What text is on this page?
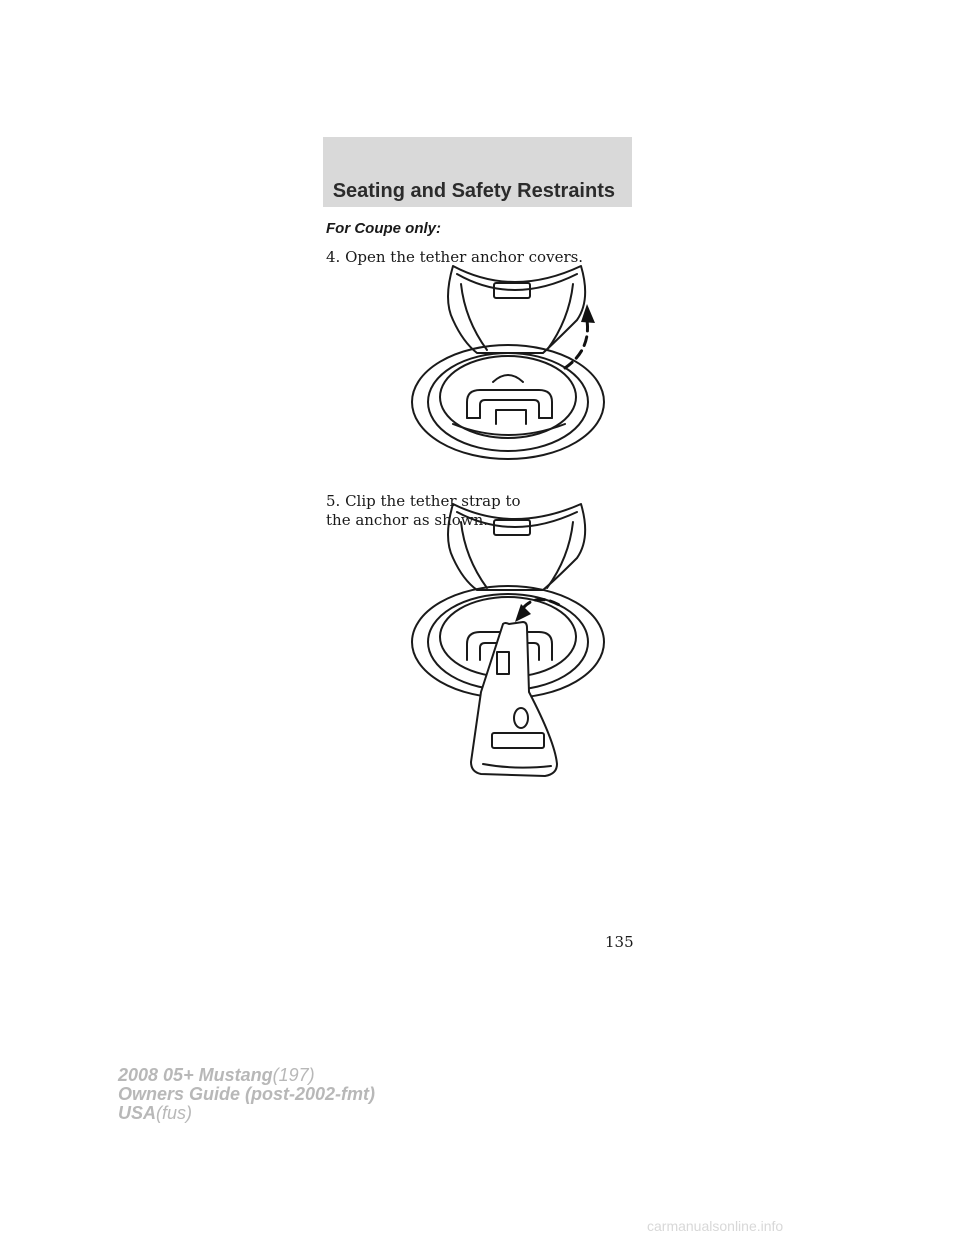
Seating and Safety Restraints
For Coupe only:
4. Open the tether anchor covers.
5. Clip the tether strap to the anchor as shown.
135
2008 05+ Mustang(197)
Owners Guide (post-2002-fmt)
USA(fus)
carmanualsonline.info
